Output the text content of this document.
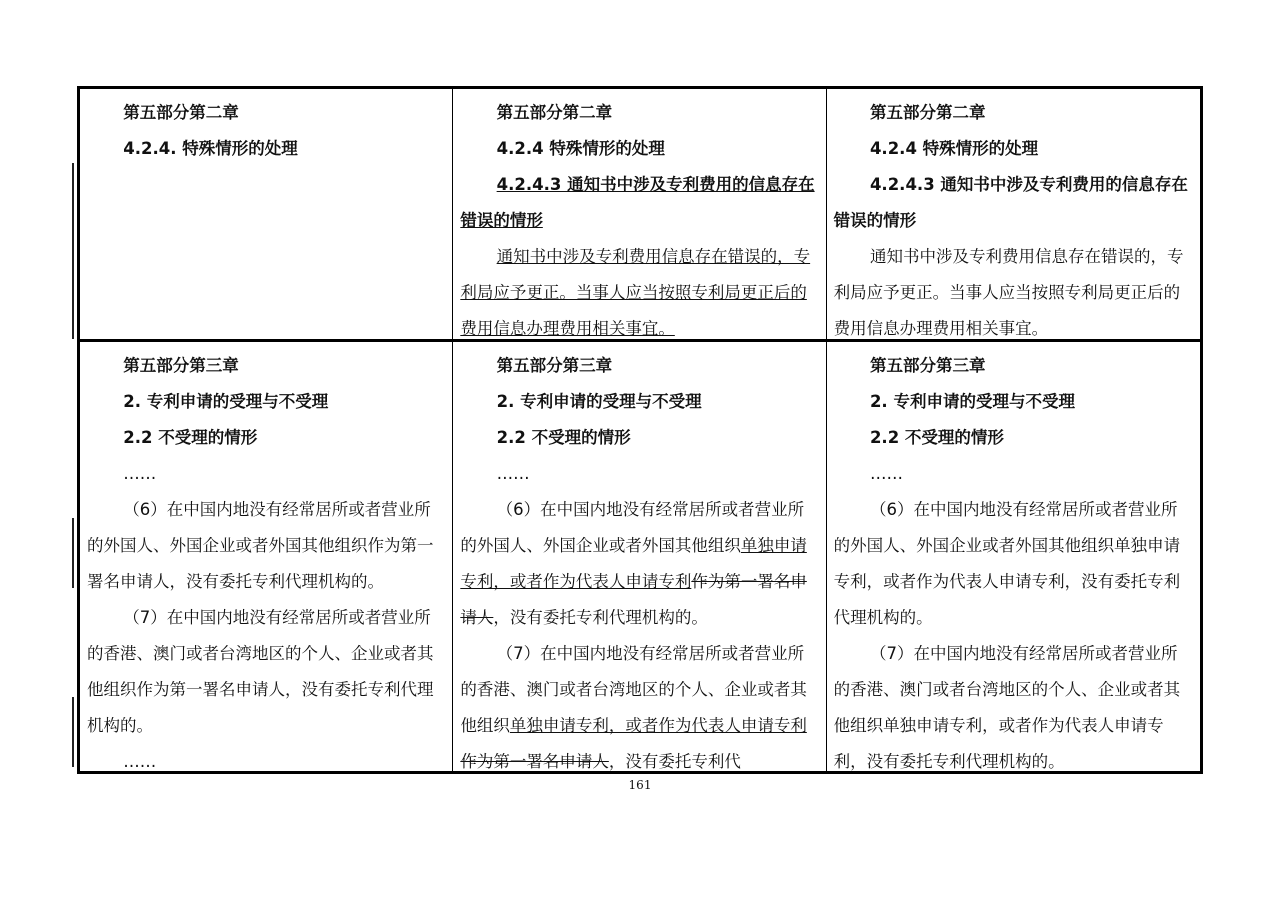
第五部分第二章

4.2.4. 特殊情形的处理

第五部分第二章

4.2.4 特殊情形的处理

4.2.4.3 通知书中涉及专利费用的信息存在错误的情形

通知书中涉及专利费用信息存在错误的，专利局应予更正。当事人应当按照专利局更正后的费用信息办理费用相关事宜。

第五部分第二章

4.2.4 特殊情形的处理

4.2.4.3 通知书中涉及专利费用的信息存在错误的情形

通知书中涉及专利费用信息存在错误的，专利局应予更正。当事人应当按照专利局更正后的费用信息办理费用相关事宜。

第五部分第三章

2. 专利申请的受理与不受理

2.2 不受理的情形

……

（6）在中国内地没有经常居所或者营业所的外国人、外国企业或者外国其他组织作为第一署名申请人，没有委托专利代理机构的。

（7）在中国内地没有经常居所或者营业所的香港、澳门或者台湾地区的个人、企业或者其他组织作为第一署名申请人，没有委托专利代理机构的。

……

第五部分第三章

2. 专利申请的受理与不受理

2.2 不受理的情形

……

（6）在中国内地没有经常居所或者营业所的外国人、外国企业或者外国其他组织单独申请专利，或者作为代表人申请专利作为第一署名申请人，没有委托专利代理机构的。

（7）在中国内地没有经常居所或者营业所的香港、澳门或者台湾地区的个人、企业或者其他组织单独申请专利，或者作为代表人申请专利作为第一署名申请人，没有委托专利代

第五部分第三章

2. 专利申请的受理与不受理

2.2 不受理的情形

……

（6）在中国内地没有经常居所或者营业所的外国人、外国企业或者外国其他组织单独申请专利，或者作为代表人申请专利，没有委托专利代理机构的。

（7）在中国内地没有经常居所或者营业所的香港、澳门或者台湾地区的个人、企业或者其他组织单独申请专利，或者作为代表人申请专利，没有委托专利代理机构的。

161
